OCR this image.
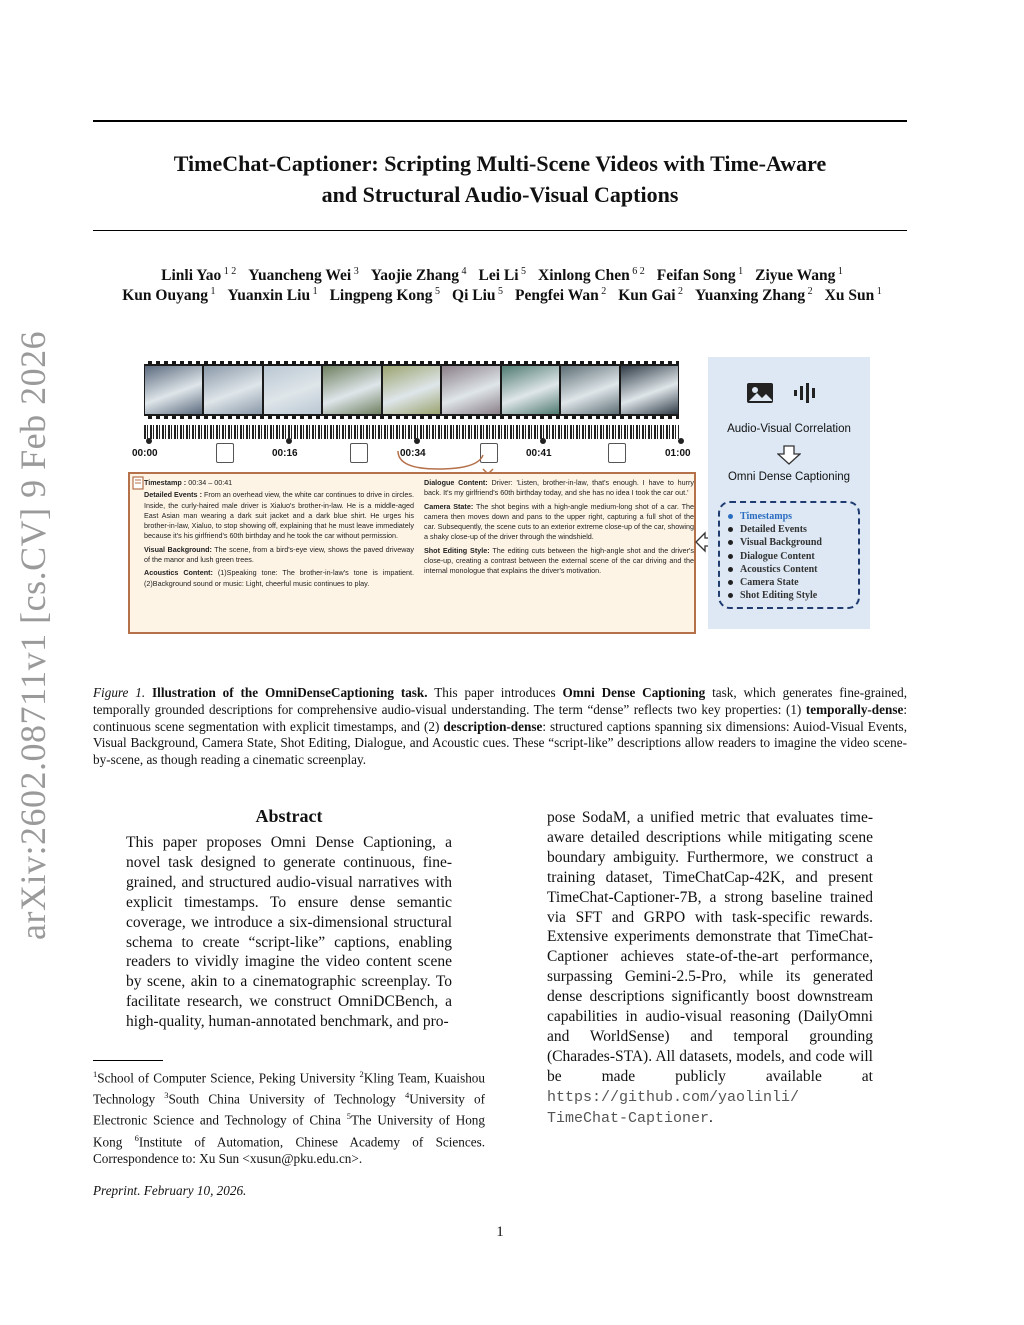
arXiv:2602.08711v1 [cs.CV] 9 Feb 2026
TimeChat-Captioner: Scripting Multi-Scene Videos with Time-Aware
and Structural Audio-Visual Captions
Linli Yao $^{1 2}$ Yuancheng Wei $^3$ Yaojie Zhang $^4$ Lei Li $^5$ Xinlong Chen $^{6 2}$ Feifan Song $^1$ Ziyue Wang $^1$
Kun Ouyang $^1$ Yuanxin Liu $^1$ Lingpeng Kong $^5$ Qi Liu $^5$ Pengfei Wan $^2$ Kun Gai $^2$ Yuanxing Zhang $^2$ Xu Sun $^1$
00:00	00:16	00:34	00:41	01:00
Timestamp : 00:34 – 00:41
Detailed Events : From an overhead view, the white car continues to drive in circles. Inside, the curly-haired male driver is Xialuo's brother-in-law. He is a middle-aged East Asian man wearing a dark suit jacket and a dark blue shirt. He urges his brother-in-law, Xialuo, to stop showing off, explaining that he must leave immediately because it's his girlfriend's 60th birthday and he took the car without permission.
Visual Background: The scene, from a bird's-eye view, shows the paved driveway of the manor and lush green trees.
Acoustics Content: (1)Speaking tone: The brother-in-law's tone is impatient. (2)Background sound or music: Light, cheerful music continues to play.
Dialogue Content: Driver: 'Listen, brother-in-law, that's enough. I have to hurry back. It's my girlfriend's 60th birthday today, and she has no idea I took the car out.'
Camera State: The shot begins with a high-angle medium-long shot of a car. The camera then moves down and pans to the upper right, capturing a full shot of the car. Subsequently, the scene cuts to an exterior extreme close-up of the car, showing a shaky close-up of the driver through the windshield.
Shot Editing Style: The editing cuts between the high-angle shot and the driver's close-up, creating a contrast between the external scene of the car driving and the internal monologue that explains the driver's motivation.
Audio-Visual Correlation
Omni Dense Captioning
Timestamps
Detailed Events
Visual Background
Dialogue Content
Acoustics Content
Camera State
Shot Editing Style
Figure 1. Illustration of the OmniDenseCaptioning task. This paper introduces Omni Dense Captioning task, which generates fine-grained, temporally grounded descriptions for comprehensive audio-visual understanding. The term “dense” reflects two key properties: (1) temporally-dense: continuous scene segmentation with explicit timestamps, and (2) description-dense: structured captions spanning six dimensions: Auiod-Visual Events, Visual Background, Camera State, Shot Editing, Dialogue, and Acoustic cues. These “script-like” descriptions allow readers to imagine the video scene-by-scene, as though reading a cinematic screenplay.
Abstract
This paper proposes Omni Dense Captioning, a novel task designed to generate continuous, fine-grained, and structured audio-visual narratives with explicit timestamps. To ensure dense semantic coverage, we introduce a six-dimensional structural schema to create “script-like” captions, enabling readers to vividly imagine the video content scene by scene, akin to a cinematographic screenplay. To facilitate research, we construct OmniDCBench, a high-quality, human-annotated benchmark, and pro-
pose SodaM, a unified metric that evaluates time-aware detailed descriptions while mitigating scene boundary ambiguity. Furthermore, we construct a training dataset, TimeChatCap-42K, and present TimeChat-Captioner-7B, a strong baseline trained via SFT and GRPO with task-specific rewards. Extensive experiments demonstrate that TimeChat-Captioner achieves state-of-the-art performance, surpassing Gemini-2.5-Pro, while its generated dense descriptions significantly boost downstream capabilities in audio-visual reasoning (DailyOmni and WorldSense) and temporal grounding (Charades-STA). All datasets, models, and code will be made publicly available at https://github.com/yaolinli/
TimeChat-Captioner.
$^1$School of Computer Science, Peking University $^2$Kling Team, Kuaishou Technology $^3$South China University of Technology $^4$University of Electronic Science and Technology of China $^5$The University of Hong Kong $^6$Institute of Automation, Chinese Academy of Sciences. Correspondence to: Xu Sun <xusun@pku.edu.cn>.
Preprint. February 10, 2026.
1
